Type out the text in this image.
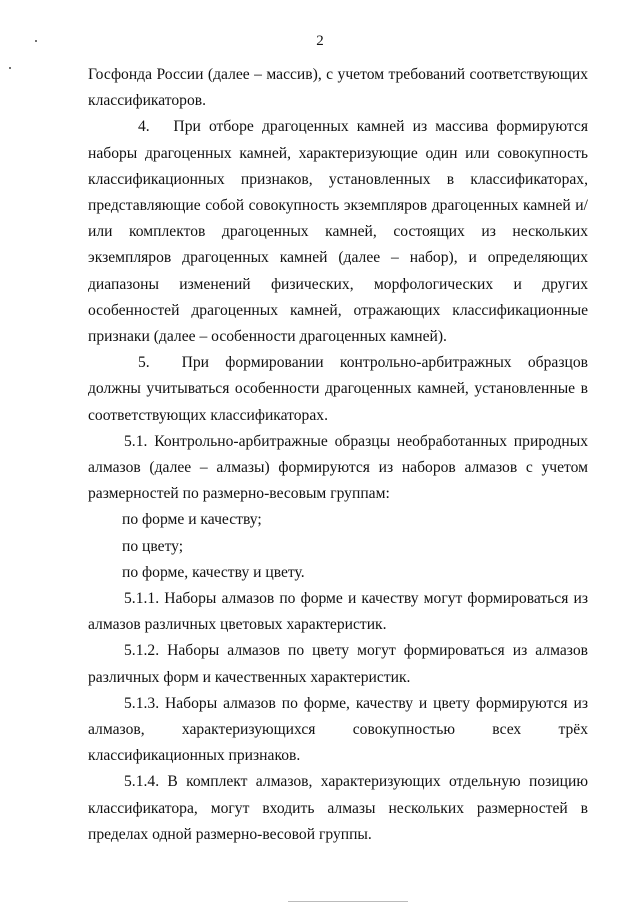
2

Госфонда России (далее – массив), с учетом требований соответствующих классификаторов.

4.  При отборе драгоценных камней из массива формируются наборы драгоценных камней, характеризующие один или совокупность классификационных признаков, установленных в классификаторах, представляющие собой совокупность экземпляров драгоценных камней и/или комплектов драгоценных камней, состоящих из нескольких экземпляров драгоценных камней (далее – набор), и определяющих диапазоны изменений физических, морфологических и других особенностей драгоценных камней, отражающих классификационные признаки (далее – особенности драгоценных камней).

5.  При формировании контрольно-арбитражных образцов должны учитываться особенности драгоценных камней, установленные в соответствующих классификаторах.

5.1. Контрольно-арбитражные образцы необработанных природных алмазов (далее – алмазы) формируются из наборов алмазов с учетом размерностей по размерно-весовым группам:

по форме и качеству;

по цвету;

по форме, качеству и цвету.

5.1.1. Наборы алмазов по форме и качеству могут формироваться из алмазов различных цветовых характеристик.

5.1.2. Наборы алмазов по цвету могут формироваться из алмазов различных форм и качественных характеристик.

5.1.3. Наборы алмазов по форме, качеству и цвету формируются из алмазов, характеризующихся совокупностью всех трёх классификационных признаков.

5.1.4. В комплект алмазов, характеризующих отдельную позицию классификатора, могут входить алмазы нескольких размерностей в пределах одной размерно-весовой группы.
